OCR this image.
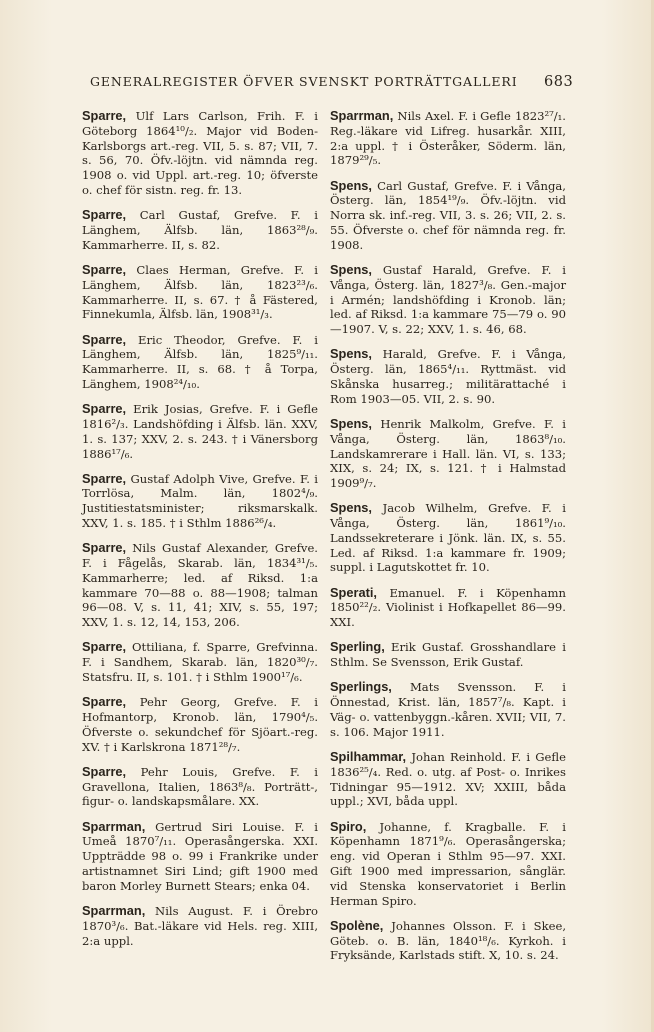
GENERALREGISTER ÖFVER SVENSKT PORTRÄTTGALLERI	683

Sparre, Ulf Lars Carlson, Frih. F. i Göteborg 1864¹⁰/₂. Major vid Boden-Karlsborgs art.-reg. VII, 5. s. 87; VII, 7. s. 56, 70. Öfv.-löjtn. vid nämnda reg. 1908 o. vid Uppl. art.-reg. 10; öfverste o. chef för sistn. reg. fr. 13.

Sparre, Carl Gustaf, Grefve. F. i Länghem, Älfsb. län, 1863²⁸/₉. Kammarherre. II, s. 82.

Sparre, Claes Herman, Grefve. F. i Länghem, Älfsb. län, 1823²³/₆. Kammarherre. II, s. 67. † å Fästered, Finnekumla, Älfsb. län, 1908³¹/₃.

Sparre, Eric Theodor, Grefve. F. i Länghem, Älfsb. län, 1825⁹/₁₁. Kammarherre. II, s. 68. † å Torpa, Länghem, 1908²⁴/₁₀.

Sparre, Erik Josias, Grefve. F. i Gefle 1816²/₃. Landshöfding i Älfsb. län. XXV, 1. s. 137; XXV, 2. s. 243. † i Vänersborg 1886¹⁷/₆.

Sparre, Gustaf Adolph Vive, Grefve. F. i Torrlösa, Malm. län, 1802⁴/₉. Justitiestatsminister; riksmarskalk. XXV, 1. s. 185. † i Sthlm 1886²⁶/₄.

Sparre, Nils Gustaf Alexander, Grefve. F. i Fågelås, Skarab. län, 1834³¹/₅. Kammarherre; led. af Riksd. 1:a kammare 70—88 o. 88—1908; talman 96—08. V, s. 11, 41; XIV, s. 55, 197; XXV, 1. s. 12, 14, 153, 206.

Sparre, Ottiliana, f. Sparre, Grefvinna. F. i Sandhem, Skarab. län, 1820³⁰/₇. Statsfru. II, s. 101. † i Sthlm 1900¹⁷/₆.

Sparre, Pehr Georg, Grefve. F. i Hofmantorp, Kronob. län, 1790⁴/₅. Öfverste o. sekundchef för Sjöart.-reg. XV. † i Karlskrona 1871²⁸/₇.

Sparre, Pehr Louis, Grefve. F. i Gravellona, Italien, 1863⁸/₈. Porträtt-, figur- o. landskapsmålare. XX.

Sparrman, Gertrud Siri Louise. F. i Umeå 1870⁷/₁₁. Operasångerska. XXI. Uppträdde 98 o. 99 i Frankrike under artistnamnet Siri Lind; gift 1900 med baron Morley Burnett Stears; enka 04.

Sparrman, Nils August. F. i Örebro 1870³/₆. Bat.-läkare vid Hels. reg. XIII, 2:a uppl.

Sparrman, Nils Axel. F. i Gefle 1823²⁷/₁. Reg.-läkare vid Lifreg. husarkår. XIII, 2:a uppl. † i Österåker, Söderm. län, 1879²⁹/₅.

Spens, Carl Gustaf, Grefve. F. i Vånga, Österg. län, 1854¹⁹/₉. Öfv.-löjtn. vid Norra sk. inf.-reg. VII, 3. s. 26; VII, 2. s. 55. Öfverste o. chef för nämnda reg. fr. 1908.

Spens, Gustaf Harald, Grefve. F. i Vånga, Österg. län, 1827³/₈. Gen.-major i Armén; landshöfding i Kronob. län; led. af Riksd. 1:a kammare 75—79 o. 90—1907. V, s. 22; XXV, 1. s. 46, 68.

Spens, Harald, Grefve. F. i Vånga, Österg. län, 1865⁴/₁₁. Ryttmäst. vid Skånska husarreg.; militärattaché i Rom 1903—05. VII, 2. s. 90.

Spens, Henrik Malkolm, Grefve. F. i Vånga, Österg. län, 1863⁸/₁₀. Landskamrerare i Hall. län. VI, s. 133; XIX, s. 24; IX, s. 121. † i Halmstad 1909⁹/₇.

Spens, Jacob Wilhelm, Grefve. F. i Vånga, Österg. län, 1861⁹/₁₀. Landssekreterare i Jönk. län. IX, s. 55. Led. af Riksd. 1:a kammare fr. 1909; suppl. i Lagutskottet fr. 10.

Sperati, Emanuel. F. i Köpenhamn 1850²²/₂. Violinist i Hofkapellet 86—99. XXI.

Sperling, Erik Gustaf. Grosshandlare i Sthlm. Se Svensson, Erik Gustaf.

Sperlings, Mats Svensson. F. i Önnestad, Krist. län, 1857⁷/₈. Kapt. i Väg- o. vattenbyggn.-kåren. XVII; VII, 7. s. 106. Major 1911.

Spilhammar, Johan Reinhold. F. i Gefle 1836²⁵/₄. Red. o. utg. af Post- o. Inrikes Tidningar 95—1912. XV; XXIII, båda uppl.; XVI, båda uppl.

Spiro, Johanne, f. Kragballe. F. i Köpenhamn 1871⁹/₆. Operasångerska; eng. vid Operan i Sthlm 95—97. XXI. Gift 1900 med impressarion, sånglär. vid Stenska konservatoriet i Berlin Herman Spiro.

Spolène, Johannes Olsson. F. i Skee, Göteb. o. B. län, 1840¹⁸/₆. Kyrkoh. i Fryksände, Karlstads stift. X, 10. s. 24.
